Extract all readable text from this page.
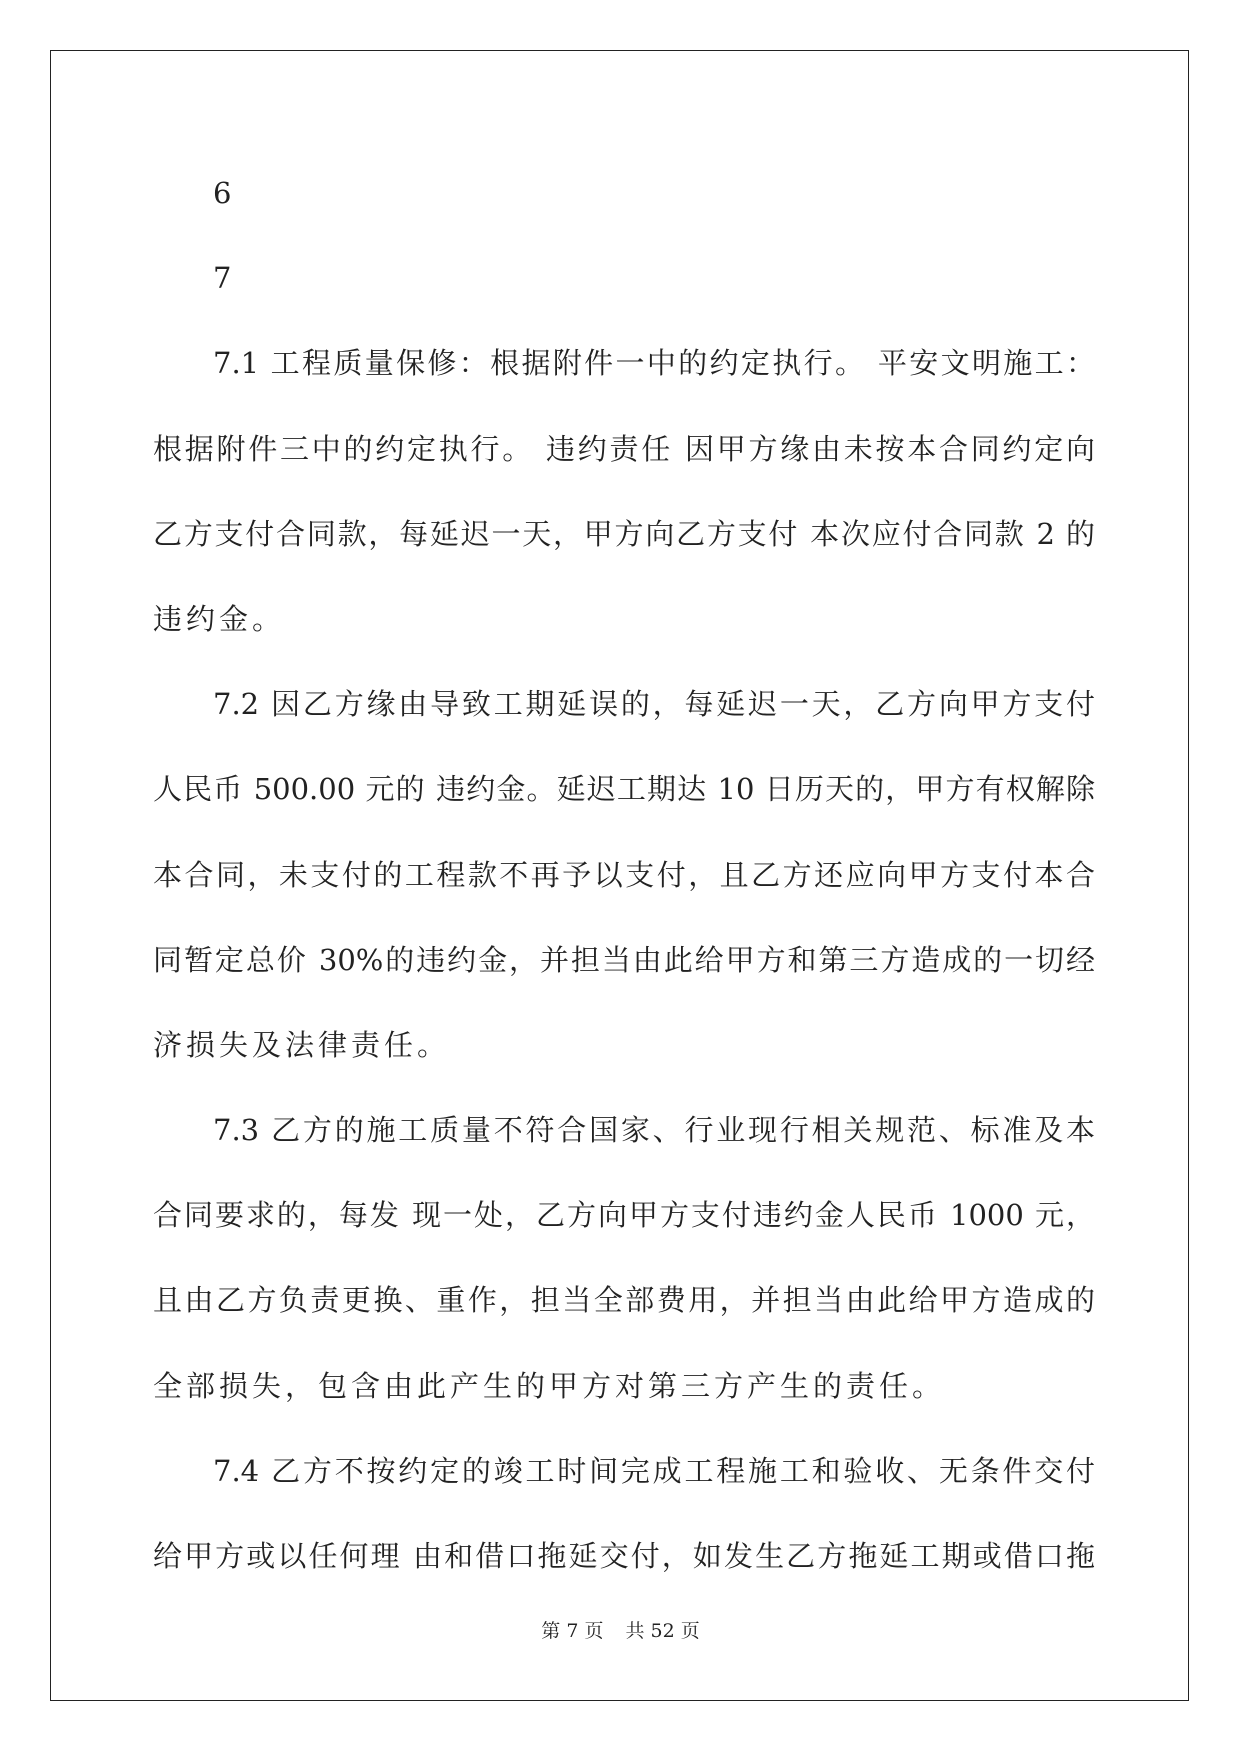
6
7
7.1 工程质量保修：根据附件一中的约定执行。 平安文明施工：
根据附件三中的约定执行。 违约责任 因甲方缘由未按本合同约定向
乙方支付合同款，每延迟一天，甲方向乙方支付 本次应付合同款 2 的
违约金。
7.2 因乙方缘由导致工期延误的，每延迟一天，乙方向甲方支付
人民币 500.00 元的 违约金。延迟工期达 10 日历天的，甲方有权解除
本合同，未支付的工程款不再予以支付，且乙方还应向甲方支付本合
同暂定总价 30%的违约金，并担当由此给甲方和第三方造成的一切经
济损失及法律责任。
7.3 乙方的施工质量不符合国家、行业现行相关规范、标准及本
合同要求的，每发 现一处，乙方向甲方支付违约金人民币 1000 元，
且由乙方负责更换、重作，担当全部费用，并担当由此给甲方造成的
全部损失，包含由此产生的甲方对第三方产生的责任。
7.4 乙方不按约定的竣工时间完成工程施工和验收、无条件交付
给甲方或以任何理 由和借口拖延交付，如发生乙方拖延工期或借口拖
第 7 页 共 52 页
